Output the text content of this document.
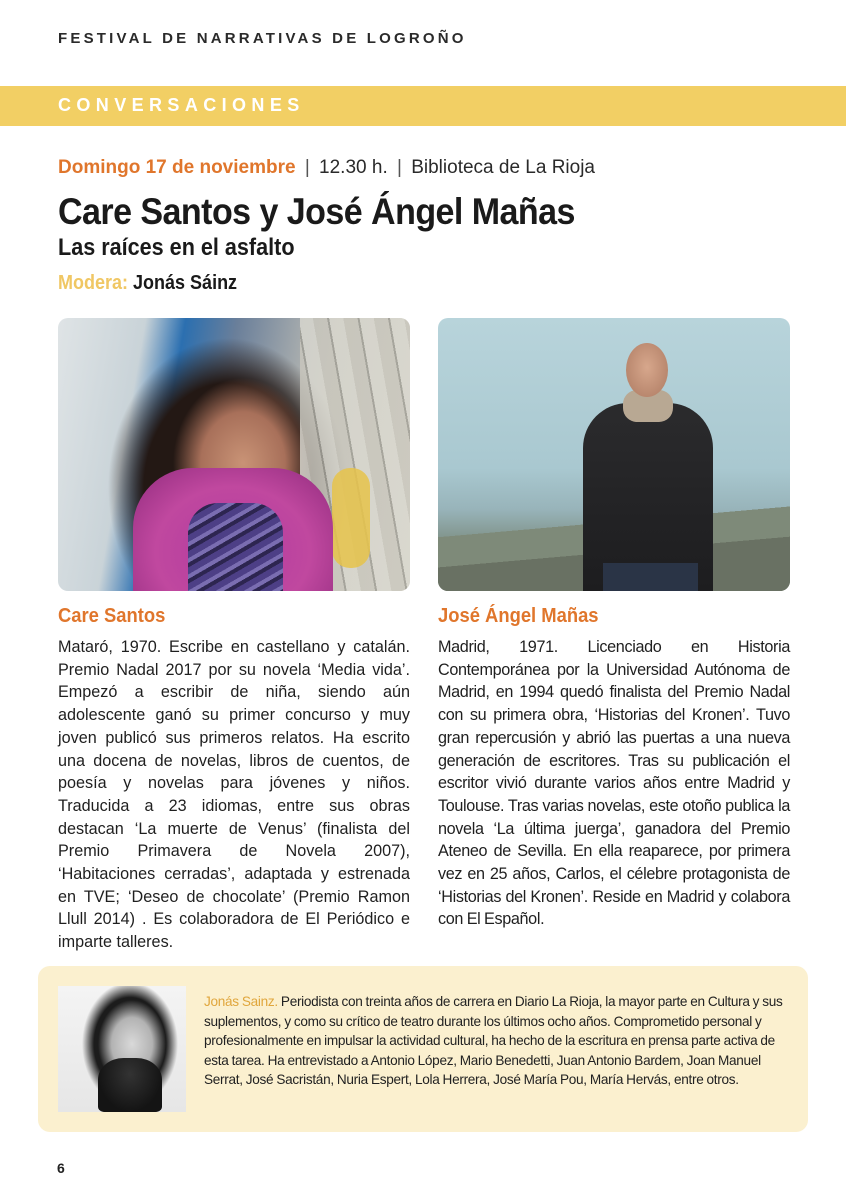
FESTIVAL DE NARRATIVAS DE LOGROÑO
CONVERSACIONES
Domingo 17 de noviembre | 12.30 h. | Biblioteca de La Rioja
Care Santos y José Ángel Mañas
Las raíces en el asfalto
Modera: Jonás Sáinz
Care Santos
Mataró, 1970. Escribe en castellano y catalán. Premio Nadal 2017 por su novela ‘Media vida’. Empezó a escribir de niña, siendo aún adolescente ganó su primer concurso y muy joven publicó sus primeros relatos. Ha escrito una docena de novelas, libros de cuentos, de poesía y novelas para jóvenes y niños. Traducida a 23 idiomas, entre sus obras destacan ‘La muerte de Venus’ (finalista del Premio Primavera de Novela 2007), ‘Habitaciones cerradas’, adaptada y estrenada en TVE; ‘Deseo de chocolate’ (Premio Ramon Llull 2014) . Es colaboradora de El Periódico e imparte talleres.
José Ángel Mañas
Madrid, 1971. Licenciado en Historia Contemporánea por la Universidad Autónoma de Madrid, en 1994 quedó finalista del Premio Nadal con su primera obra, ‘Historias del Kronen’. Tuvo gran repercusión y abrió las puertas a una nueva generación de escritores. Tras su publicación el escritor vivió durante varios años entre Madrid y Toulouse. Tras varias novelas, este otoño publica la novela ‘La última juerga’, ganadora del Premio Ateneo de Sevilla. En ella reaparece, por primera vez en 25 años, Carlos, el célebre protagonista de ‘Historias del Kronen’. Reside en Madrid y colabora con El Español.
Jonás Sainz. Periodista con treinta años de carrera en Diario La Rioja, la mayor parte en Cultura y sus suplementos, y como su crítico de teatro durante los últimos ocho años. Comprometido personal y profesionalmente en impulsar la actividad cultural, ha hecho de la escritura en prensa parte activa de esta tarea. Ha entrevistado a Antonio López, Mario Benedetti, Juan Antonio Bardem, Joan Manuel Serrat, José Sacristán, Nuria Espert, Lola Herrera, José María Pou, María Hervás, entre otros.
6
